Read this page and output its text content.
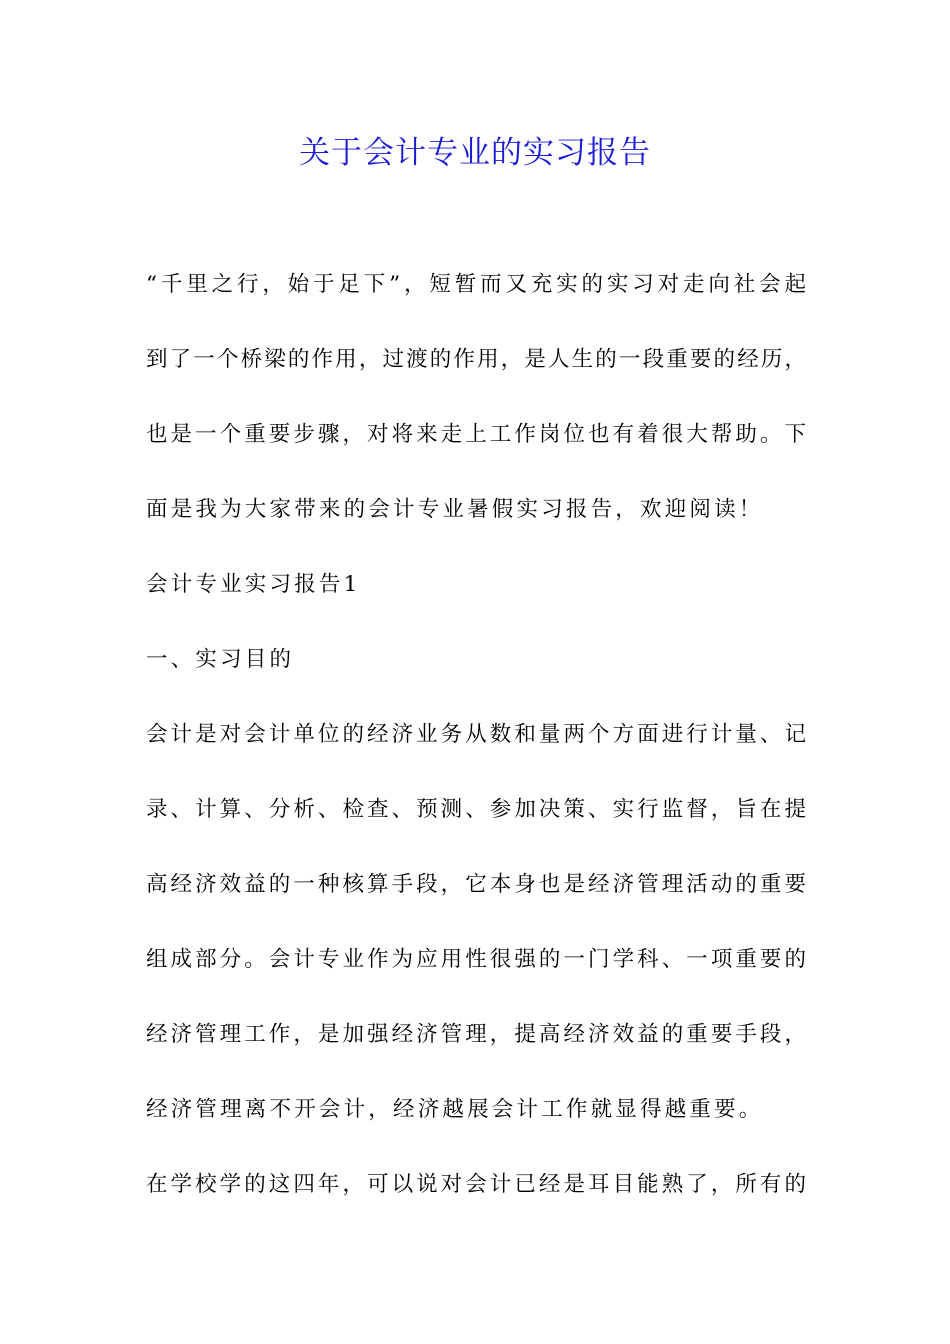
关于会计专业的实习报告
“千里之行，始于足下”，短暂而又充实的实习对走向社会起
到了一个桥梁的作用，过渡的作用，是人生的一段重要的经历，
也是一个重要步骤，对将来走上工作岗位也有着很大帮助。下
面是我为大家带来的会计专业暑假实习报告，欢迎阅读！
会计专业实习报告1
一、实习目的
会计是对会计单位的经济业务从数和量两个方面进行计量、记
录、计算、分析、检查、预测、参加决策、实行监督，旨在提
高经济效益的一种核算手段，它本身也是经济管理活动的重要
组成部分。会计专业作为应用性很强的一门学科、一项重要的
经济管理工作，是加强经济管理，提高经济效益的重要手段，
经济管理离不开会计，经济越展会计工作就显得越重要。
在学校学的这四年，可以说对会计已经是耳目能熟了，所有的
